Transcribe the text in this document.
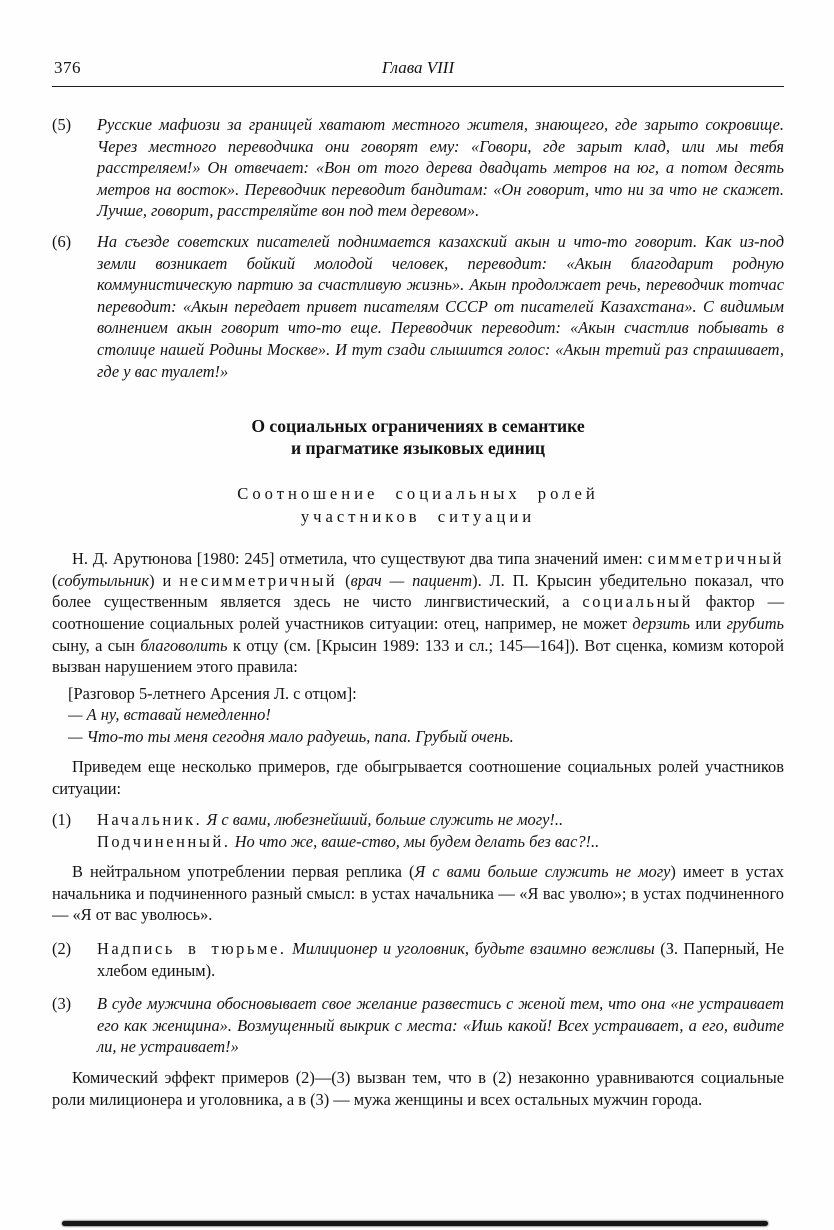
376	Глава VIII
(5) Русские мафиози за границей хватают местного жителя, знающего, где зарыто сокровище. Через местного переводчика они говорят ему: «Говори, где зарыт клад, или мы тебя расстреляем!» Он отвечает: «Вон от того дерева двадцать метров на юг, а потом десять метров на восток». Переводчик переводит бандитам: «Он говорит, что ни за что не скажет. Лучше, говорит, расстреляйте вон под тем деревом».
(6) На съезде советских писателей поднимается казахский акын и что-то говорит. Как из-под земли возникает бойкий молодой человек, переводит: «Акын благодарит родную коммунистическую партию за счастливую жизнь». Акын продолжает речь, переводчик тотчас переводит: «Акын передает привет писателям СССР от писателей Казахстана». С видимым волнением акын говорит что-то еще. Переводчик переводит: «Акын счастлив побывать в столице нашей Родины Москве». И тут сзади слышится голос: «Акын третий раз спрашивает, где у вас туалет!»
О социальных ограничениях в семантике
и прагматике языковых единиц
Соотношение социальных ролей
участников ситуации

Н. Д. Арутюнова [1980: 245] отметила, что существуют два типа значений имен: симметричный (собутыльник) и несимметричный (врач — пациент). Л. П. Крысин убедительно показал, что более существенным является здесь не чисто лингвистический, а социальный фактор — соотношение социальных ролей участников ситуации: отец, например, не может дерзить или грубить сыну, а сын благоволить к отцу (см. [Крысин 1989: 133 и сл.; 145—164]). Вот сценка, комизм которой вызван нарушением этого правила:

[Разговор 5-летнего Арсения Л. с отцом]:
— А ну, вставай немедленно!
— Что-то ты меня сегодня мало радуешь, папа. Грубый очень.

Приведем еще несколько примеров, где обыгрывается соотношение социальных ролей участников ситуации:

(1) Начальник. Я с вами, любезнейший, больше служить не могу!..
Подчиненный. Но что же, ваше-ство, мы будем делать без вас?!..

В нейтральном употреблении первая реплика (Я с вами больше служить не могу) имеет в устах начальника и подчиненного разный смысл: в устах начальника — «Я вас уволю»; в устах подчиненного — «Я от вас уволюсь».

(2) Надпись в тюрьме. Милиционер и уголовник, будьте взаимно вежливы (З. Паперный, Не хлебом единым).
(3) В суде мужчина обосновывает свое желание развестись с женой тем, что она «не устраивает его как женщина». Возмущенный выкрик с места: «Ишь какой! Всех устраивает, а его, видите ли, не устраивает!»

Комический эффект примеров (2)—(3) вызван тем, что в (2) незаконно уравниваются социальные роли милиционера и уголовника, а в (3) — мужа женщины и всех остальных мужчин города.
